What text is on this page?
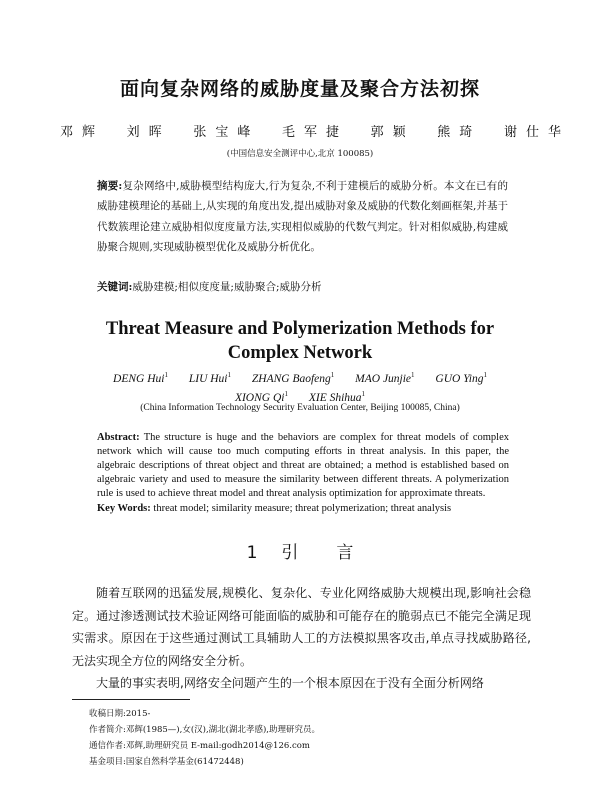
面向复杂网络的威胁度量及聚合方法初探
邓辉 刘晖 张宝峰 毛军捷 郭颖 熊琦 谢仕华
(中国信息安全测评中心,北京 100085)
摘要:复杂网络中,威胁模型结构庞大,行为复杂,不利于建模后的威胁分析。本文在已有的威胁建模理论的基础上,从实现的角度出发,提出威胁对象及威胁的代数化刻画框架,并基于代数簇理论建立威胁相似度度量方法,实现相似威胁的代数气判定。针对相似威胁,构建威胁聚合规则,实现威胁模型优化及威胁分析优化。
关键词:威胁建模;相似度度量;威胁聚合;威胁分析
Threat Measure and Polymerization Methods for
Complex Network
DENG Hui$^1$ LIU Hui$^1$ ZHANG Baofeng$^1$ MAO Junjie$^1$ GUO Ying$^1$
XIONG Qi$^1$ XIE Shihua$^1$
(China Information Technology Security Evaluation Center, Beijing 100085, China)
Abstract: The structure is huge and the behaviors are complex for threat models of complex network which will cause too much computing efforts in threat analysis. In this paper, the algebraic descriptions of threat object and threat are obtained; a method is established based on algebraic variety and used to measure the similarity between different threats. A polymerization rule is used to achieve threat model and threat analysis optimization for approximate threats.
Key Words: threat model; similarity measure; threat polymerization; threat analysis
1 引 言

随着互联网的迅猛发展,规模化、复杂化、专业化网络威胁大规模出现,影响社会稳定。通过渗透测试技术验证网络可能面临的威胁和可能存在的脆弱点已不能完全满足现实需求。原因在于这些通过测试工具辅助人工的方法模拟黑客攻击,单点寻找威胁路径,无法实现全方位的网络安全分析。

大量的事实表明,网络安全问题产生的一个根本原因在于没有全面分析网络

收稿日期:2015-
作者简介:邓辉(1985—),女(汉),湖北(湖北孝感),助理研究员。
通信作者:邓辉,助理研究员 E-mail:godh2014@126.com
基金项目:国家自然科学基金(61472448)
